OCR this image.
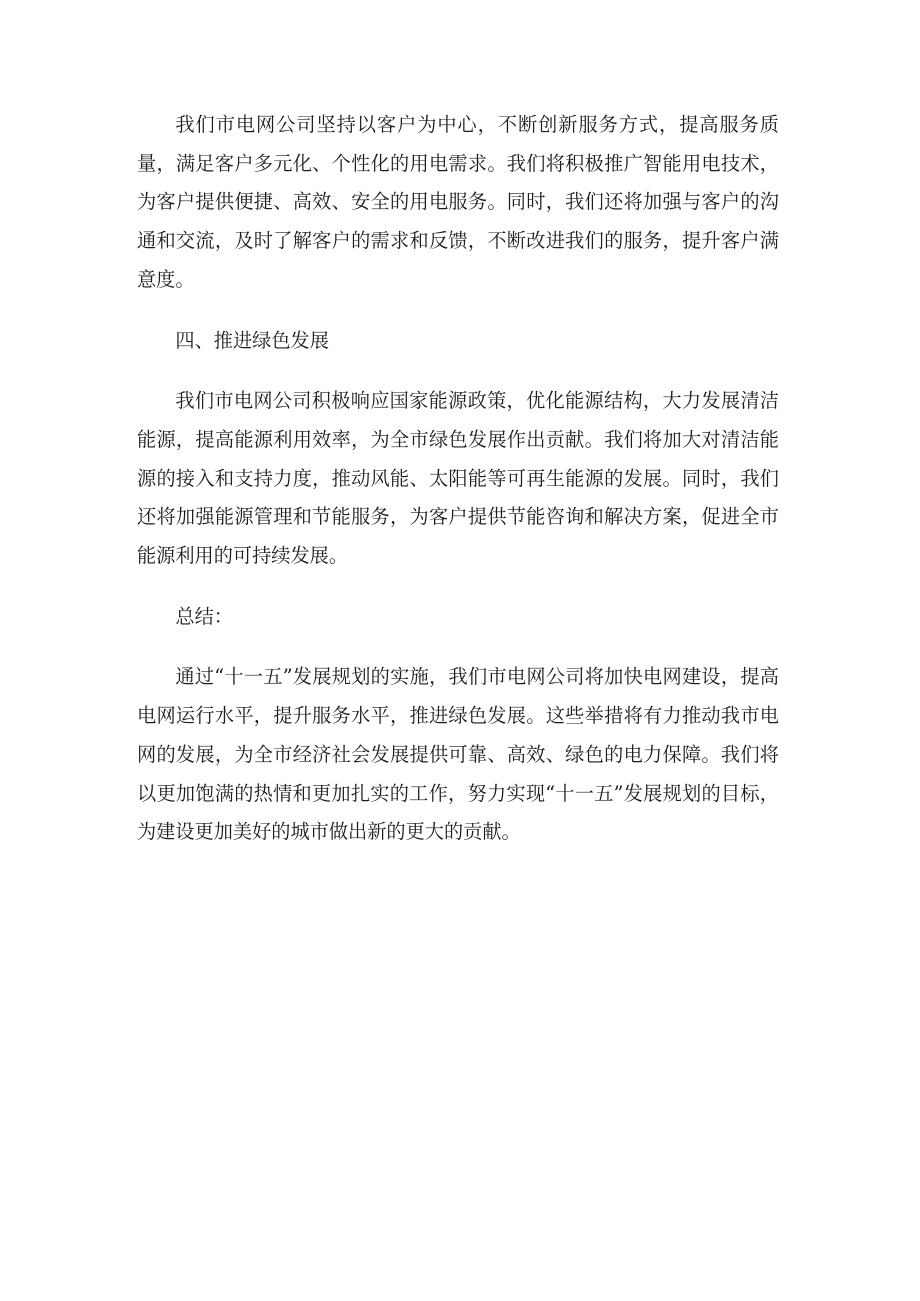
我们市电网公司坚持以客户为中心，不断创新服务方式，提高服务质量，满足客户多元化、个性化的用电需求。我们将积极推广智能用电技术，为客户提供便捷、高效、安全的用电服务。同时，我们还将加强与客户的沟通和交流，及时了解客户的需求和反馈，不断改进我们的服务，提升客户满意度。

四、推进绿色发展

我们市电网公司积极响应国家能源政策，优化能源结构，大力发展清洁能源，提高能源利用效率，为全市绿色发展作出贡献。我们将加大对清洁能源的接入和支持力度，推动风能、太阳能等可再生能源的发展。同时，我们还将加强能源管理和节能服务，为客户提供节能咨询和解决方案，促进全市能源利用的可持续发展。

总结：

通过“十一五”发展规划的实施，我们市电网公司将加快电网建设，提高电网运行水平，提升服务水平，推进绿色发展。这些举措将有力推动我市电网的发展，为全市经济社会发展提供可靠、高效、绿色的电力保障。我们将以更加饱满的热情和更加扎实的工作，努力实现“十一五”发展规划的目标，为建设更加美好的城市做出新的更大的贡献。
